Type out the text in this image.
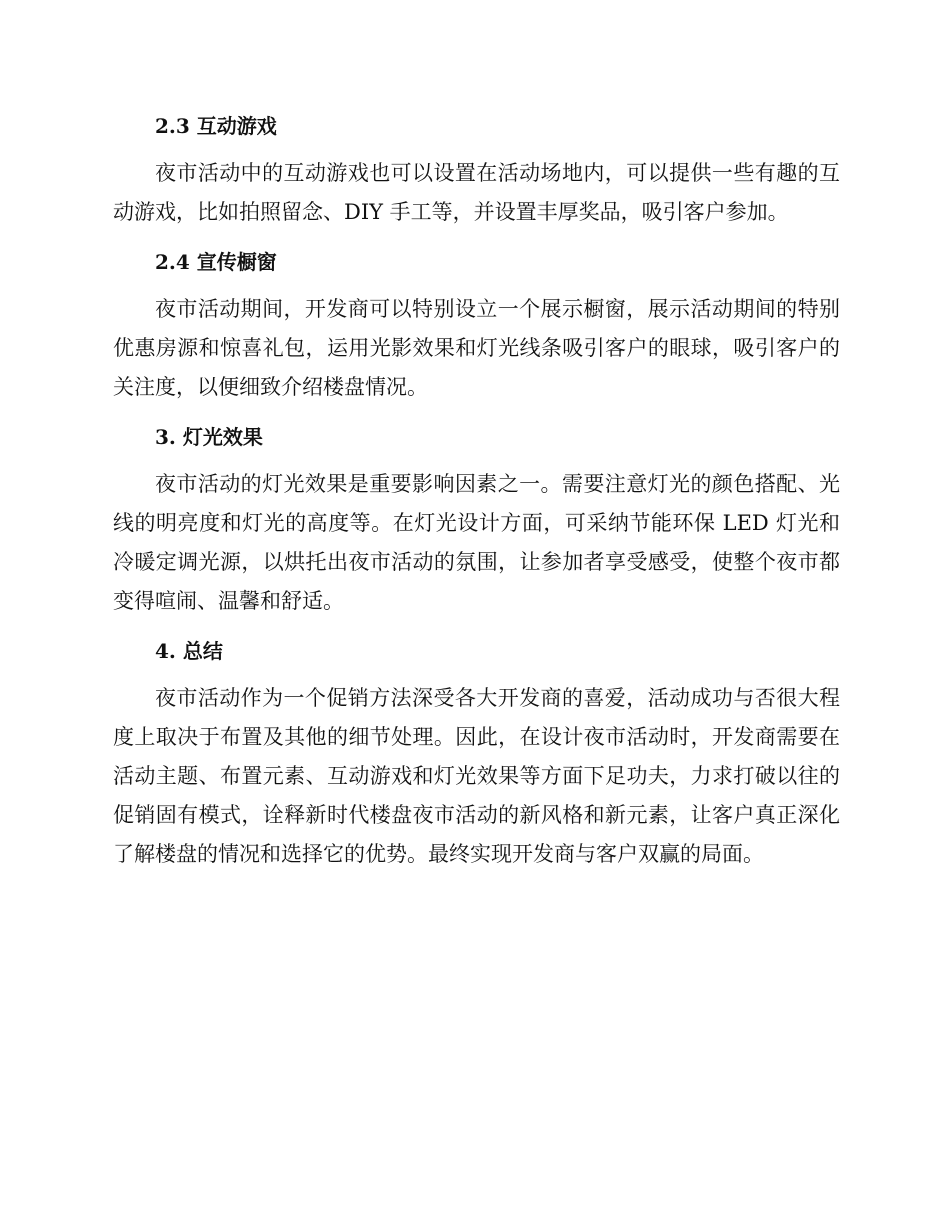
2.3 互动游戏

夜市活动中的互动游戏也可以设置在活动场地内，可以提供一些有趣的互动游戏，比如拍照留念、DIY 手工等，并设置丰厚奖品，吸引客户参加。

2.4 宣传橱窗

夜市活动期间，开发商可以特别设立一个展示橱窗，展示活动期间的特别优惠房源和惊喜礼包，运用光影效果和灯光线条吸引客户的眼球，吸引客户的关注度，以便细致介绍楼盘情况。

3. 灯光效果

夜市活动的灯光效果是重要影响因素之一。需要注意灯光的颜色搭配、光线的明亮度和灯光的高度等。在灯光设计方面，可采纳节能环保 LED 灯光和冷暖定调光源，以烘托出夜市活动的氛围，让参加者享受感受，使整个夜市都变得喧闹、温馨和舒适。

4. 总结

夜市活动作为一个促销方法深受各大开发商的喜爱，活动成功与否很大程度上取决于布置及其他的细节处理。因此，在设计夜市活动时，开发商需要在活动主题、布置元素、互动游戏和灯光效果等方面下足功夫，力求打破以往的促销固有模式，诠释新时代楼盘夜市活动的新风格和新元素，让客户真正深化了解楼盘的情况和选择它的优势。最终实现开发商与客户双赢的局面。
